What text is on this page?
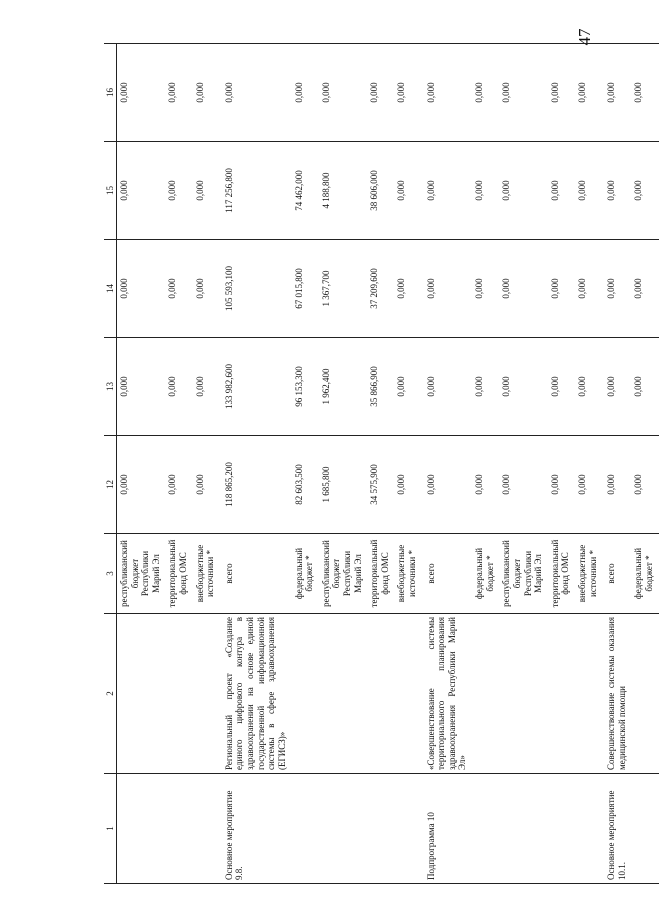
47
1	2	3	12	13	14	15	16
		республиканский бюджет Республики Марий Эл	0,000	0,000	0,000	0,000	0,000
		территориальный фонд ОМС	0,000	0,000	0,000	0,000	0,000
		внебюджетные источники *	0,000	0,000	0,000	0,000	0,000
Основное мероприятие 9.8.	Региональный проект «Создание единого цифрового контура в здравоохранении на основе единой государственной информационной системы в сфере здравоохранения (ЕГИСЗ)»	всего	118 865,200	133 982,600	105 593,100	117 256,800	0,000
		федеральный бюджет *	82 603,500	96 153,300	67 015,800	74 462,000	0,000
		республиканский бюджет Республики Марий Эл	1 685,800	1 962,400	1 367,700	4 188,800	0,000
		территориальный фонд ОМС	34 575,900	35 866,900	37 209,600	38 606,000	0,000
		внебюджетные источники *	0,000	0,000	0,000	0,000	0,000
Подпрограмма 10	«Совершенствование системы территориального планирования здравоохранения Республики Марий Эл»	всего	0,000	0,000	0,000	0,000	0,000
		федеральный бюджет *	0,000	0,000	0,000	0,000	0,000
		республиканский бюджет Республики Марий Эл	0,000	0,000	0,000	0,000	0,000
		территориальный фонд ОМС	0,000	0,000	0,000	0,000	0,000
		внебюджетные источники *	0,000	0,000	0,000	0,000	0,000
Основное мероприятие 10.1.	Совершенствование системы оказания медицинской помощи	всего	0,000	0,000	0,000	0,000	0,000
		федеральный бюджет *	0,000	0,000	0,000	0,000	0,000
